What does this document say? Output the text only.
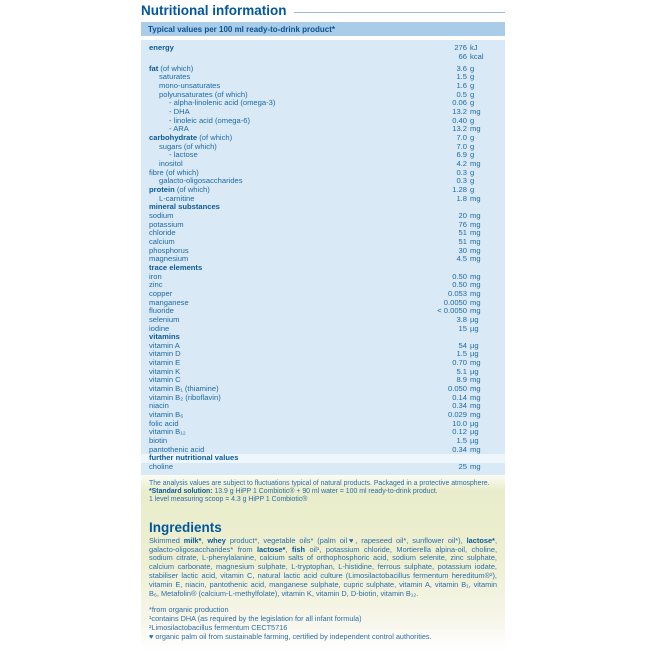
Nutritional information
Typical values per 100 ml ready-to-drink product*
energy	276 kJ
66 kcal
fat (of which)	3.6 g
saturates	1.5 g
mono-unsaturates	1.6 g
polyunsaturates (of which)	0.5 g
- alpha-linolenic acid (omega-3)	0.06 g
- DHA	13.2 mg
- linoleic acid (omega-6)	0.40 g
- ARA	13.2 mg
carbohydrate (of which)	7.0 g
sugars (of which)	7.0 g
- lactose	6.9 g
inositol	4.2 mg
fibre (of which)	0.3 g
galacto-oligosaccharides	0.3 g
protein (of which)	1.28 g
L-carnitine	1.8 mg
mineral substances
sodium	20 mg
potassium	76 mg
chloride	51 mg
calcium	51 mg
phosphorus	30 mg
magnesium	4.5 mg
trace elements
iron	0.50 mg
zinc	0.50 mg
copper	0.053 mg
manganese	0.0050 mg
fluoride	< 0.0050 mg
selenium	3.8 µg
iodine	15 µg
vitamins
vitamin A	54 µg
vitamin D	1.5 µg
vitamin E	0.70 mg
vitamin K	5.1 µg
vitamin C	8.9 mg
vitamin B₁ (thiamine)	0.050 mg
vitamin B₂ (riboflavin)	0.14 mg
niacin	0.34 mg
vitamin B₆	0.029 mg
folic acid	10.0 µg
vitamin B₁₂	0.12 µg
biotin	1.5 µg
pantothenic acid	0.34 mg
further nutritional values
choline	25 mg
The analysis values are subject to fluctuations typical of natural products. Packaged in a protective atmosphere.
*Standard solution: 13.9 g HiPP 1 Combiotic® + 90 ml water = 100 ml ready-to-drink product.
1 level measuring scoop = 4.3 g HiPP 1 Combiotic®
Ingredients

Skimmed milk*, whey product*, vegetable oils* (palm oil♥, rapeseed oil*, sunflower oil*), lactose*, galacto-oligosaccharides* from lactose*, fish oil¹, potassium chloride, Mortierella alpina-oil, choline, sodium citrate, L-phenylalanine, calcium salts of orthophosphoric acid, sodium selenite, zinc sulphate, calcium carbonate, magnesium sulphate, L-tryptophan, L-histidine, ferrous sulphate, potassium iodate, stabiliser lactic acid, vitamin C, natural lactic acid culture (Limosilactobacillus fermentum hereditum®²), vitamin E, niacin, pantothenic acid, manganese sulphate, cupric sulphate, vitamin A, vitamin B₁, vitamin B₆, Metafolin® (calcium-L-methylfolate), vitamin K, vitamin D, D-biotin, vitamin B₁₂.

*from organic production
¹contains DHA (as required by the legislation for all infant formula)
²Limosilactobacillus fermentum CECT5716
♥ organic palm oil from sustainable farming, certified by independent control authorities.
